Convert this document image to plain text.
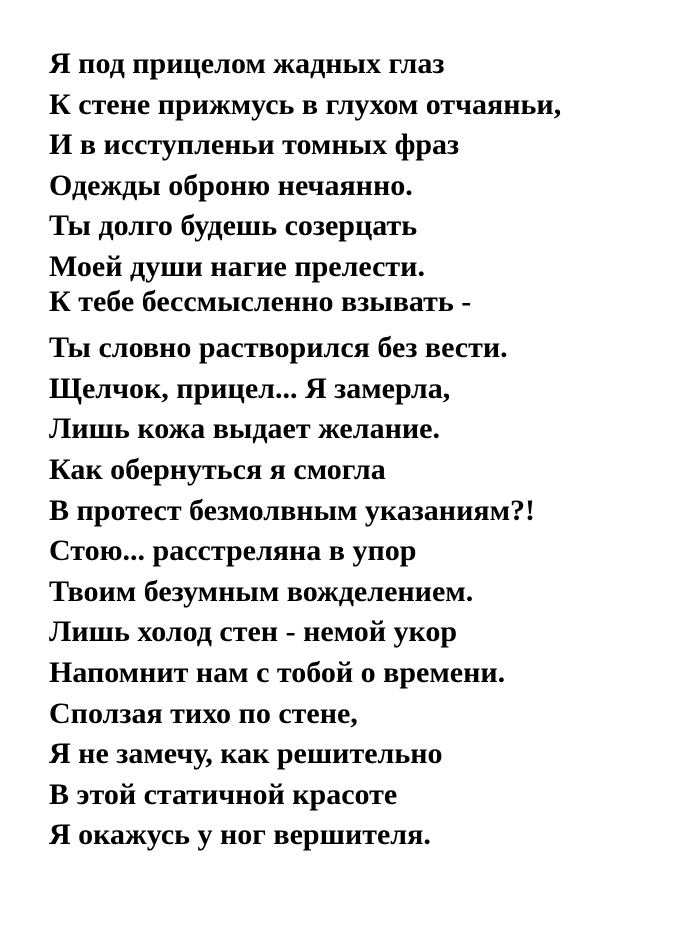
Я под прицелом жадных глаз
К стене прижмусь в глухом отчаяньи,
И в исступленьи томных фраз
Одежды оброню нечаянно.
Ты долго будешь созерцать
Моей души нагие прелести.
К тебе бессмысленно взывать -
Ты словно растворился без вести.
Щелчок, прицел... Я замерла,
Лишь кожа выдает желание.
Как обернуться я смогла
В протест безмолвным указаниям?!
Стою... расстреляна в упор
Твоим безумным вожделением.
Лишь холод стен - немой укор
Напомнит нам с тобой о времени.
Сползая тихо по стене,
Я не замечу, как решительно
В этой статичной красоте
Я окажусь у ног вершителя.
